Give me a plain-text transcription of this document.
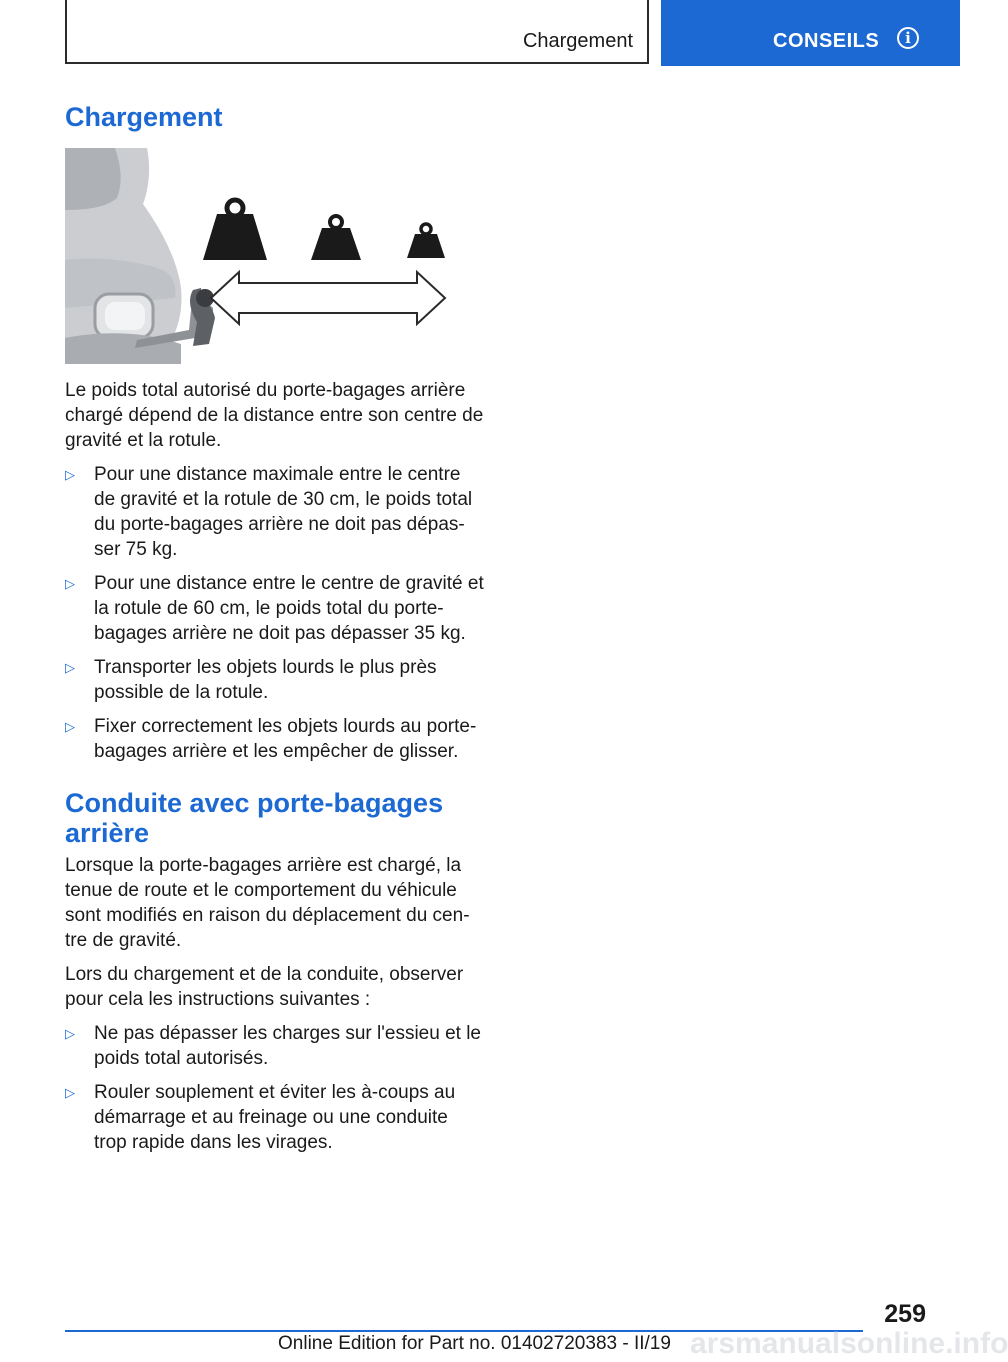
Chargement	CONSEILS	i
Chargement

Le poids total autorisé du porte-bagages arrière chargé dépend de la distance entre son centre de gravité et la rotule.

▷ Pour une distance maximale entre le centre de gravité et la rotule de 30 cm, le poids total du porte-bagages arrière ne doit pas dépas‐ ser 75 kg.
▷ Pour une distance entre le centre de gravité et la rotule de 60 cm, le poids total du porte- bagages arrière ne doit pas dépasser 35 kg.
▷ Transporter les objets lourds le plus près possible de la rotule.
▷ Fixer correctement les objets lourds au porte- bagages arrière et les empêcher de glisser.
Conduite avec porte-bagages arrière

Lorsque la porte-bagages arrière est chargé, la tenue de route et le comportement du véhicule sont modifiés en raison du déplacement du cen‐ tre de gravité.

Lors du chargement et de la conduite, observer pour cela les instructions suivantes :

▷ Ne pas dépasser les charges sur l'essieu et le poids total autorisés.
▷ Rouler souplement et éviter les à-coups au démarrage et au freinage ou une conduite trop rapide dans les virages.
259
arsmanualsonline.info
Online Edition for Part no. 01402720383 - II/19
